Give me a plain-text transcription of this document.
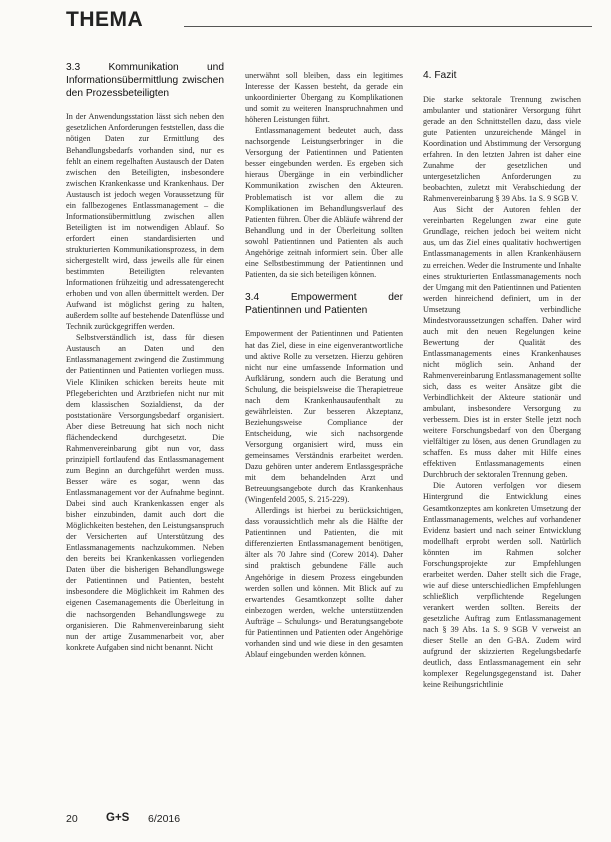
THEMA
3.3 Kommunikation und Informationsübermittlung zwischen den Prozessbeteiligten

In der Anwendungsstation lässt sich neben den gesetzlichen Anforderungen feststellen, dass die nötigen Daten zur Ermittlung des Behandlungsbedarfs vorhanden sind, nur es fehlt an einem regelhaften Austausch der Daten zwischen den Beteiligten, insbesondere zwischen Krankenkasse und Krankenhaus. Der Austausch ist jedoch wegen Voraussetzung für ein fallbezogenes Entlassmanagement – die Informationsübermittlung zwischen allen Beteiligten ist im notwendigen Ablauf. So erfordert einen standardisierten und strukturierten Kommunikationsprozess, in dem sichergestellt wird, dass jeweils alle für einen bestimmten Beteiligten relevanten Informationen frühzeitig und adressatengerecht erhoben und von allen übermittelt werden. Der Aufwand ist möglichst gering zu halten, außerdem sollte auf bestehende Datenflüsse und Technik zurückgegriffen werden.

Selbstverständlich ist, dass für diesen Austausch an Daten und den Entlassmanagement zwingend die Zustimmung der Patientinnen und Patienten vorliegen muss. Viele Kliniken schicken bereits heute mit Pflegeberichten und Arztbriefen nicht nur mit dem klassischen Sozialdienst, da der poststationäre Versorgungsbedarf organisiert. Aber diese Betreuung hat sich noch nicht flächendeckend durchgesetzt. Die Rahmenvereinbarung gibt nun vor, dass prinzipiell fortlaufend das Entlassmanagement zum Beginn an durchgeführt werden muss. Besser wäre es sogar, wenn das Entlassmanagement vor der Aufnahme beginnt. Dabei sind auch Krankenkassen enger als bisher einzubinden, damit auch dort die Möglichkeiten bestehen, den Leistungsanspruch der Versicherten auf Unterstützung des Entlassmanagements nachzukommen. Neben den bereits bei Krankenkassen vorliegenden Daten über die bisherigen Behandlungswege der Patientinnen und Patienten, besteht insbesondere die Möglichkeit im Rahmen des eigenen Casemanagements die Überleitung in die nachsorgenden Behandlungswege zu organisieren. Die Rahmenvereinbarung sieht nun der artige Zusammenarbeit vor, aber konkrete Aufgaben sind nicht benannt. Nicht

unerwähnt soll bleiben, dass ein legitimes Interesse der Kassen besteht, da gerade ein unkoordinierter Übergang zu Komplikationen und somit zu weiteren Inanspruchnahmen und höheren Leistungen führt.

Entlassmanagement bedeutet auch, dass nachsorgende Leistungserbringer in die Versorgung der Patientinnen und Patienten besser eingebunden werden. Es ergeben sich hieraus Übergänge in ein verbindlicher Kommunikation zwischen den Akteuren. Problematisch ist vor allem die zu Komplikationen im Behandlungsverlauf des Patienten führen. Über die Abläufe während der Behandlung und in der Überleitung sollten sowohl Patientinnen und Patienten als auch Angehörige zeitnah informiert sein. Über alle eine Selbstbestimmung der Patientinnen und Patienten, da sie sich beteiligen können.

3.4 Empowerment der Patientinnen und Patienten

Empowerment der Patientinnen und Patienten hat das Ziel, diese in eine eigenverantwortliche und aktive Rolle zu versetzen. Hierzu gehören nicht nur eine umfassende Information und Aufklärung, sondern auch die Beratung und Schulung, die beispielsweise die Therapietreue nach dem Krankenhausaufenthalt zu gewährleisten. Zur besseren Akzeptanz, Beziehungsweise Compliance der Entscheidung, wie sich nachsorgende Versorgung organisiert wird, muss ein gemeinsames Verständnis erarbeitet werden. Dazu gehören unter anderem Entlassgespräche mit dem behandelnden Arzt und Betreuungsangebote durch das Krankenhaus (Wingenfeld 2005, S. 215-229).

Allerdings ist hierbei zu berücksichtigen, dass voraussichtlich mehr als die Hälfte der Patientinnen und Patienten, die mit differenzierten Entlassmanagement benötigen, älter als 70 Jahre sind (Corew 2014). Daher sind praktisch gebundene Fälle auch Angehörige in diesem Prozess eingebunden werden sollen und können. Mit Blick auf zu erwartendes Gesamtkonzept sollte daher einbezogen werden, welche unterstützenden Aufträge – Schulungs- und Beratungsangebote für Patientinnen und Patienten oder Angehörige vorhanden sind und wie diese in den gesamten Ablauf eingebunden werden können.

4. Fazit

Die starke sektorale Trennung zwischen ambulanter und stationärer Versorgung führt gerade an den Schnittstellen dazu, dass viele gute Patienten unzureichende Mängel in Koordination und Abstimmung der Versorgung erfahren. In den letzten Jahren ist daher eine Zunahme der gesetzlichen und untergesetzlichen Anforderungen zu beobachten, zuletzt mit Verabschiedung der Rahmenvereinbarung § 39 Abs. 1a S. 9 SGB V.

Aus Sicht der Autoren fehlen der vereinbarten Regelungen zwar eine gute Grundlage, reichen jedoch bei weitem nicht aus, um das Ziel eines qualitativ hochwertigen Entlassmanagements in allen Krankenhäusern zu erreichen. Weder die Instrumente und Inhalte eines strukturierten Entlassmanagements noch der Umgang mit den Patientinnen und Patienten werden hinreichend definiert, um in der Umsetzung verbindliche Mindestvoraussetzungen schaffen. Daher wird auch mit den neuen Regelungen keine Bewertung der Qualität des Entlassmanagements eines Krankenhauses nicht möglich sein. Anhand der Rahmenvereinbarung Entlassmanagement sollte sich, dass es weiter Ansätze gibt die Verbindlichkeit der Akteure stationär und ambulant, insbesondere Versorgung zu verbessern. Dies ist in erster Stelle jetzt noch weitere Forschungsbedarf von den Übergang vielfältiger zu lösen, aus denen Grundlagen zu schaffen. Es muss daher mit Hilfe eines effektiven Entlassmanagements einen Durchbruch der sektoralen Trennung geben.

Die Autoren verfolgen vor diesem Hintergrund die Entwicklung eines Gesamtkonzeptes am konkreten Umsetzung der Entlassmanagements, welches auf vorhandener Evidenz basiert und nach seiner Entwicklung modellhaft erprobt werden soll. Natürlich könnten im Rahmen solcher Forschungsprojekte zur Empfehlungen erarbeitet werden. Daher stellt sich die Frage, wie auf diese unterschiedlichen Empfehlungen schließlich verpflichtende Regelungen verankert werden sollten. Bereits der gesetzliche Auftrag zum Entlassmanagement nach § 39 Abs. 1a S. 9 SGB V verweist an dieser Stelle an den G-BA. Zudem wird aufgrund der skizzierten Regelungsbedarfe deutlich, dass Entlassmanagement ein sehr komplexer Regelungsgegenstand ist. Daher keine Reihungsrichtlinie

20 G+S 6/2016
